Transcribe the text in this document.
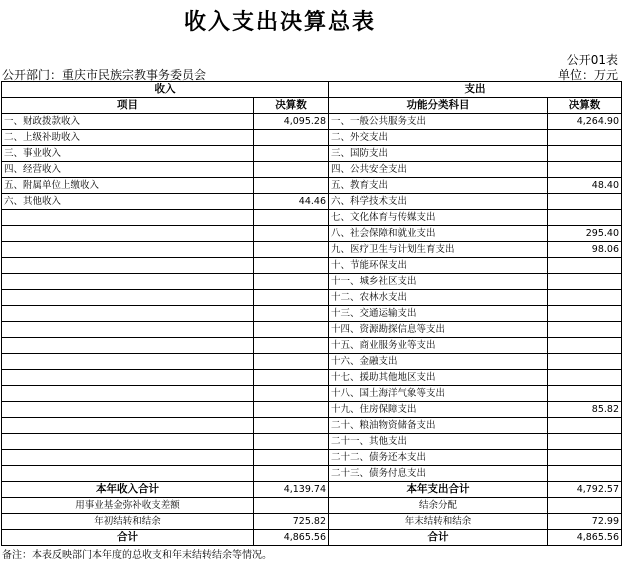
收入支出决算总表
公开01表
公开部门：重庆市民族宗教事务委员会	单位：万元
收入		支出	
项目	决算数	功能分类科目	决算数
一、财政拨款收入	4,095.28	一、一般公共服务支出	4,264.90
二、上级补助收入		二、外交支出	
三、事业收入		三、国防支出	
四、经营收入		四、公共安全支出	
五、附属单位上缴收入		五、教育支出	48.40
六、其他收入	44.46	六、科学技术支出	
		七、文化体育与传媒支出	
		八、社会保障和就业支出	295.40
		九、医疗卫生与计划生育支出	98.06
		十、节能环保支出	
		十一、城乡社区支出	
		十二、农林水支出	
		十三、交通运输支出	
		十四、资源勘探信息等支出	
		十五、商业服务业等支出	
		十六、金融支出	
		十七、援助其他地区支出	
		十八、国土海洋气象等支出	
		十九、住房保障支出	85.82
		二十、粮油物资储备支出	
		二十一、其他支出	
		二十二、债务还本支出	
		二十三、债务付息支出	
本年收入合计	4,139.74	本年支出合计	4,792.57
用事业基金弥补收支差额		结余分配	
年初结转和结余	725.82	年末结转和结余	72.99
合计	4,865.56	合计	4,865.56
备注：本表反映部门本年度的总收支和年末结转结余等情况。
